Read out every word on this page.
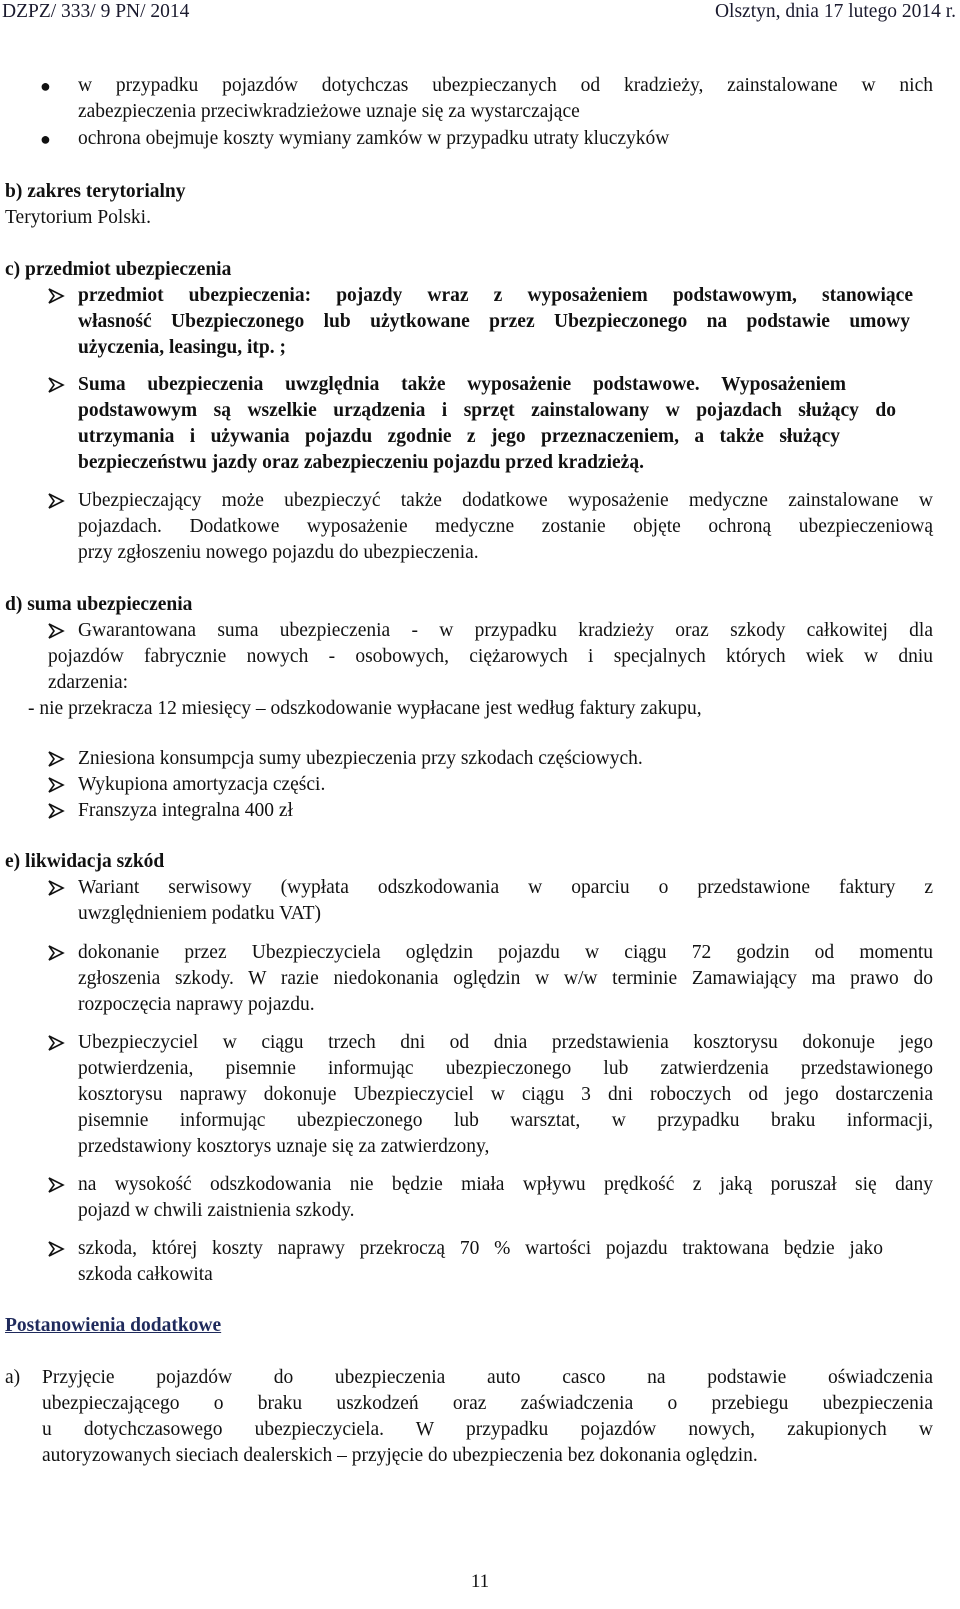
DZPZ/ 333/ 9 PN/ 2014	Olsztyn, dnia 17 lutego 2014 r.
● w przypadku pojazdów dotychczas ubezpieczanych od kradzieży, zainstalowane w nich
zabezpieczenia przeciwkradzieżowe uznaje się za wystarczające
● ochrona obejmuje koszty wymiany zamków w przypadku utraty kluczyków
b) zakres terytorialny
Terytorium Polski.
c) przedmiot ubezpieczenia
przedmiot ubezpieczenia: pojazdy wraz z wyposażeniem podstawowym, stanowiące
własność Ubezpieczonego lub użytkowane przez Ubezpieczonego na podstawie umowy
użyczenia, leasingu, itp. ;
Suma ubezpieczenia uwzględnia także wyposażenie podstawowe. Wyposażeniem
podstawowym są wszelkie urządzenia i sprzęt zainstalowany w pojazdach służący do
utrzymania i używania pojazdu zgodnie z jego przeznaczeniem, a także służący
bezpieczeństwu jazdy oraz zabezpieczeniu pojazdu przed kradzieżą.
Ubezpieczający może ubezpieczyć także dodatkowe wyposażenie medyczne zainstalowane w
pojazdach. Dodatkowe wyposażenie medyczne zostanie objęte ochroną ubezpieczeniową
przy zgłoszeniu nowego pojazdu do ubezpieczenia.
d) suma ubezpieczenia
Gwarantowana suma ubezpieczenia - w przypadku kradzieży oraz szkody całkowitej dla
pojazdów fabrycznie nowych - osobowych, ciężarowych i specjalnych których wiek w dniu
zdarzenia:
- nie przekracza 12 miesięcy – odszkodowanie wypłacane jest według faktury zakupu,
Zniesiona konsumpcja sumy ubezpieczenia przy szkodach częściowych.
Wykupiona amortyzacja części.
Franszyza integralna 400 zł
e) likwidacja szkód
Wariant serwisowy (wypłata odszkodowania w oparciu o przedstawione faktury z
uwzględnieniem podatku VAT)
dokonanie przez Ubezpieczyciela oględzin pojazdu w ciągu 72 godzin od momentu
zgłoszenia szkody. W razie niedokonania oględzin w w/w terminie Zamawiający ma prawo do
rozpoczęcia naprawy pojazdu.
Ubezpieczyciel w ciągu trzech dni od dnia przedstawienia kosztorysu dokonuje jego
potwierdzenia, pisemnie informując ubezpieczonego lub zatwierdzenia przedstawionego
kosztorysu naprawy dokonuje Ubezpieczyciel w ciągu 3 dni roboczych od jego dostarczenia
pisemnie informując ubezpieczonego lub warsztat, w przypadku braku informacji,
przedstawiony kosztorys uznaje się za zatwierdzony,
na wysokość odszkodowania nie będzie miała wpływu prędkość z jaką poruszał się dany
pojazd w chwili zaistnienia szkody.
szkoda, której koszty naprawy przekroczą 70 % wartości pojazdu traktowana będzie jako
szkoda całkowita
Postanowienia dodatkowe
a) Przyjęcie pojazdów do ubezpieczenia auto casco na podstawie oświadczenia
ubezpieczającego o braku uszkodzeń oraz zaświadczenia o przebiegu ubezpieczenia
u dotychczasowego ubezpieczyciela. W przypadku pojazdów nowych, zakupionych w
autoryzowanych sieciach dealerskich – przyjęcie do ubezpieczenia bez dokonania oględzin.
11
